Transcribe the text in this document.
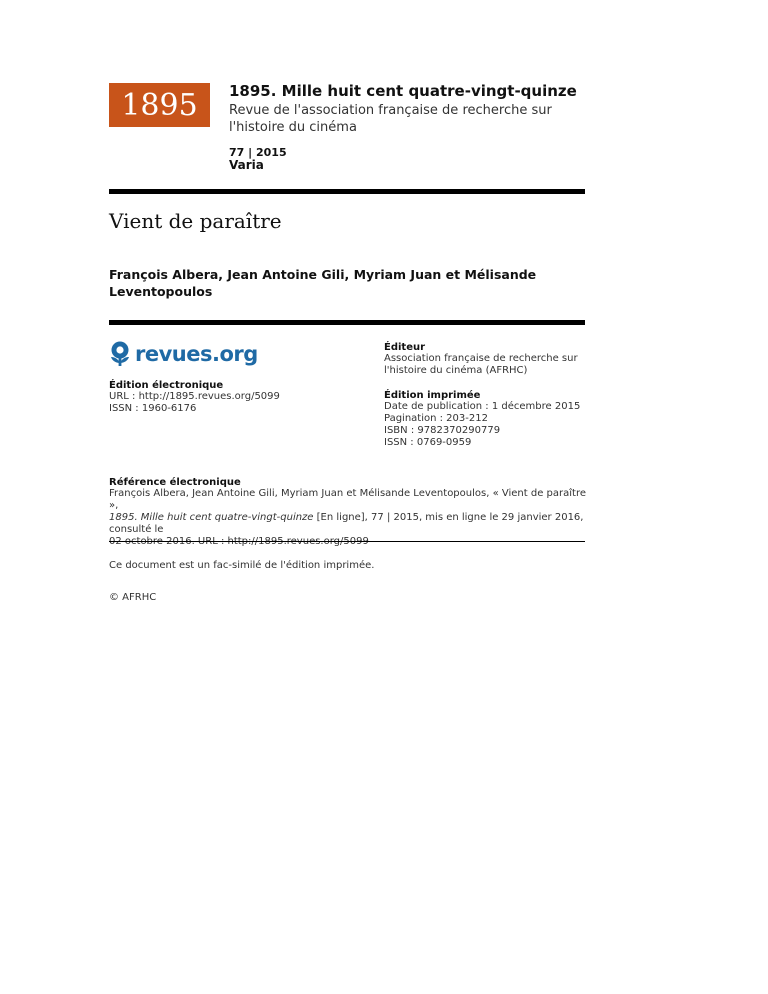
1895 1895. Mille huit cent quatre-vingt-quinze
Revue de l'association française de recherche sur l'histoire du cinéma
77 | 2015
Varia
Vient de paraître
François Albera, Jean Antoine Gili, Myriam Juan et Mélisande Leventopoulos
revues.org
Édition électronique
URL : http://1895.revues.org/5099
ISSN : 1960-6176
Éditeur
Association française de recherche sur
l'histoire du cinéma (AFRHC)
Édition imprimée
Date de publication : 1 décembre 2015
Pagination : 203-212
ISBN : 9782370290779
ISSN : 0769-0959
Référence électronique
François Albera, Jean Antoine Gili, Myriam Juan et Mélisande Leventopoulos, « Vient de paraître »,
1895. Mille huit cent quatre-vingt-quinze [En ligne], 77 | 2015, mis en ligne le 29 janvier 2016, consulté le
Ce document est un fac-similé de l'édition imprimée.
© AFRHC
